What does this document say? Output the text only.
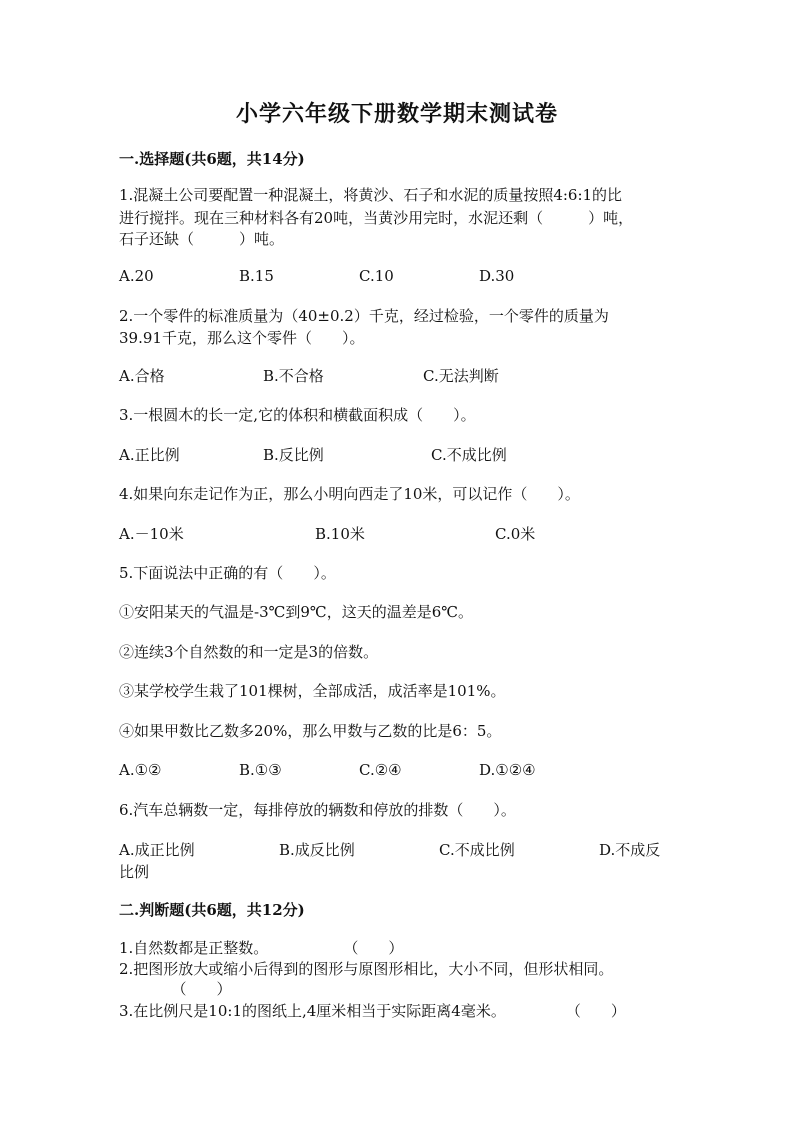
小学六年级下册数学期末测试卷
一.选择题(共6题，共14分)
1.混凝土公司要配置一种混凝土，将黄沙、石子和水泥的质量按照4:6:1的比
进行搅拌。现在三种材料各有20吨，当黄沙用完时，水泥还剩（　　　）吨，
石子还缺（　　　）吨。
A.20	B.15	C.10	D.30
2.一个零件的标准质量为（40±0.2）千克，经过检验，一个零件的质量为
39.91千克，那么这个零件（　　）。
A.合格	B.不合格	C.无法判断
3.一根圆木的长一定,它的体积和横截面积成（　　）。
A.正比例	B.反比例	C.不成比例
4.如果向东走记作为正，那么小明向西走了10米，可以记作（　　）。
A.－10米	B.10米	C.0米
5.下面说法中正确的有（　　）。
①安阳某天的气温是-3℃到9℃，这天的温差是6℃。
②连续3个自然数的和一定是3的倍数。
③某学校学生栽了101棵树，全部成活，成活率是101%。
④如果甲数比乙数多20%，那么甲数与乙数的比是6：5。
A.①②	B.①③	C.②④	D.①②④
6.汽车总辆数一定，每排停放的辆数和停放的排数（　　）。
A.成正比例	B.成反比例	C.不成比例	D.不成反
比例
二.判断题(共6题，共12分)
1.自然数都是正整数。　　　　　　（　　）
2.把图形放大或缩小后得到的图形与原图形相比，大小不同，但形状相同。
　　　　（　　）
3.在比例尺是10:1的图纸上,4厘米相当于实际距离4毫米。　　　　　（　　）
